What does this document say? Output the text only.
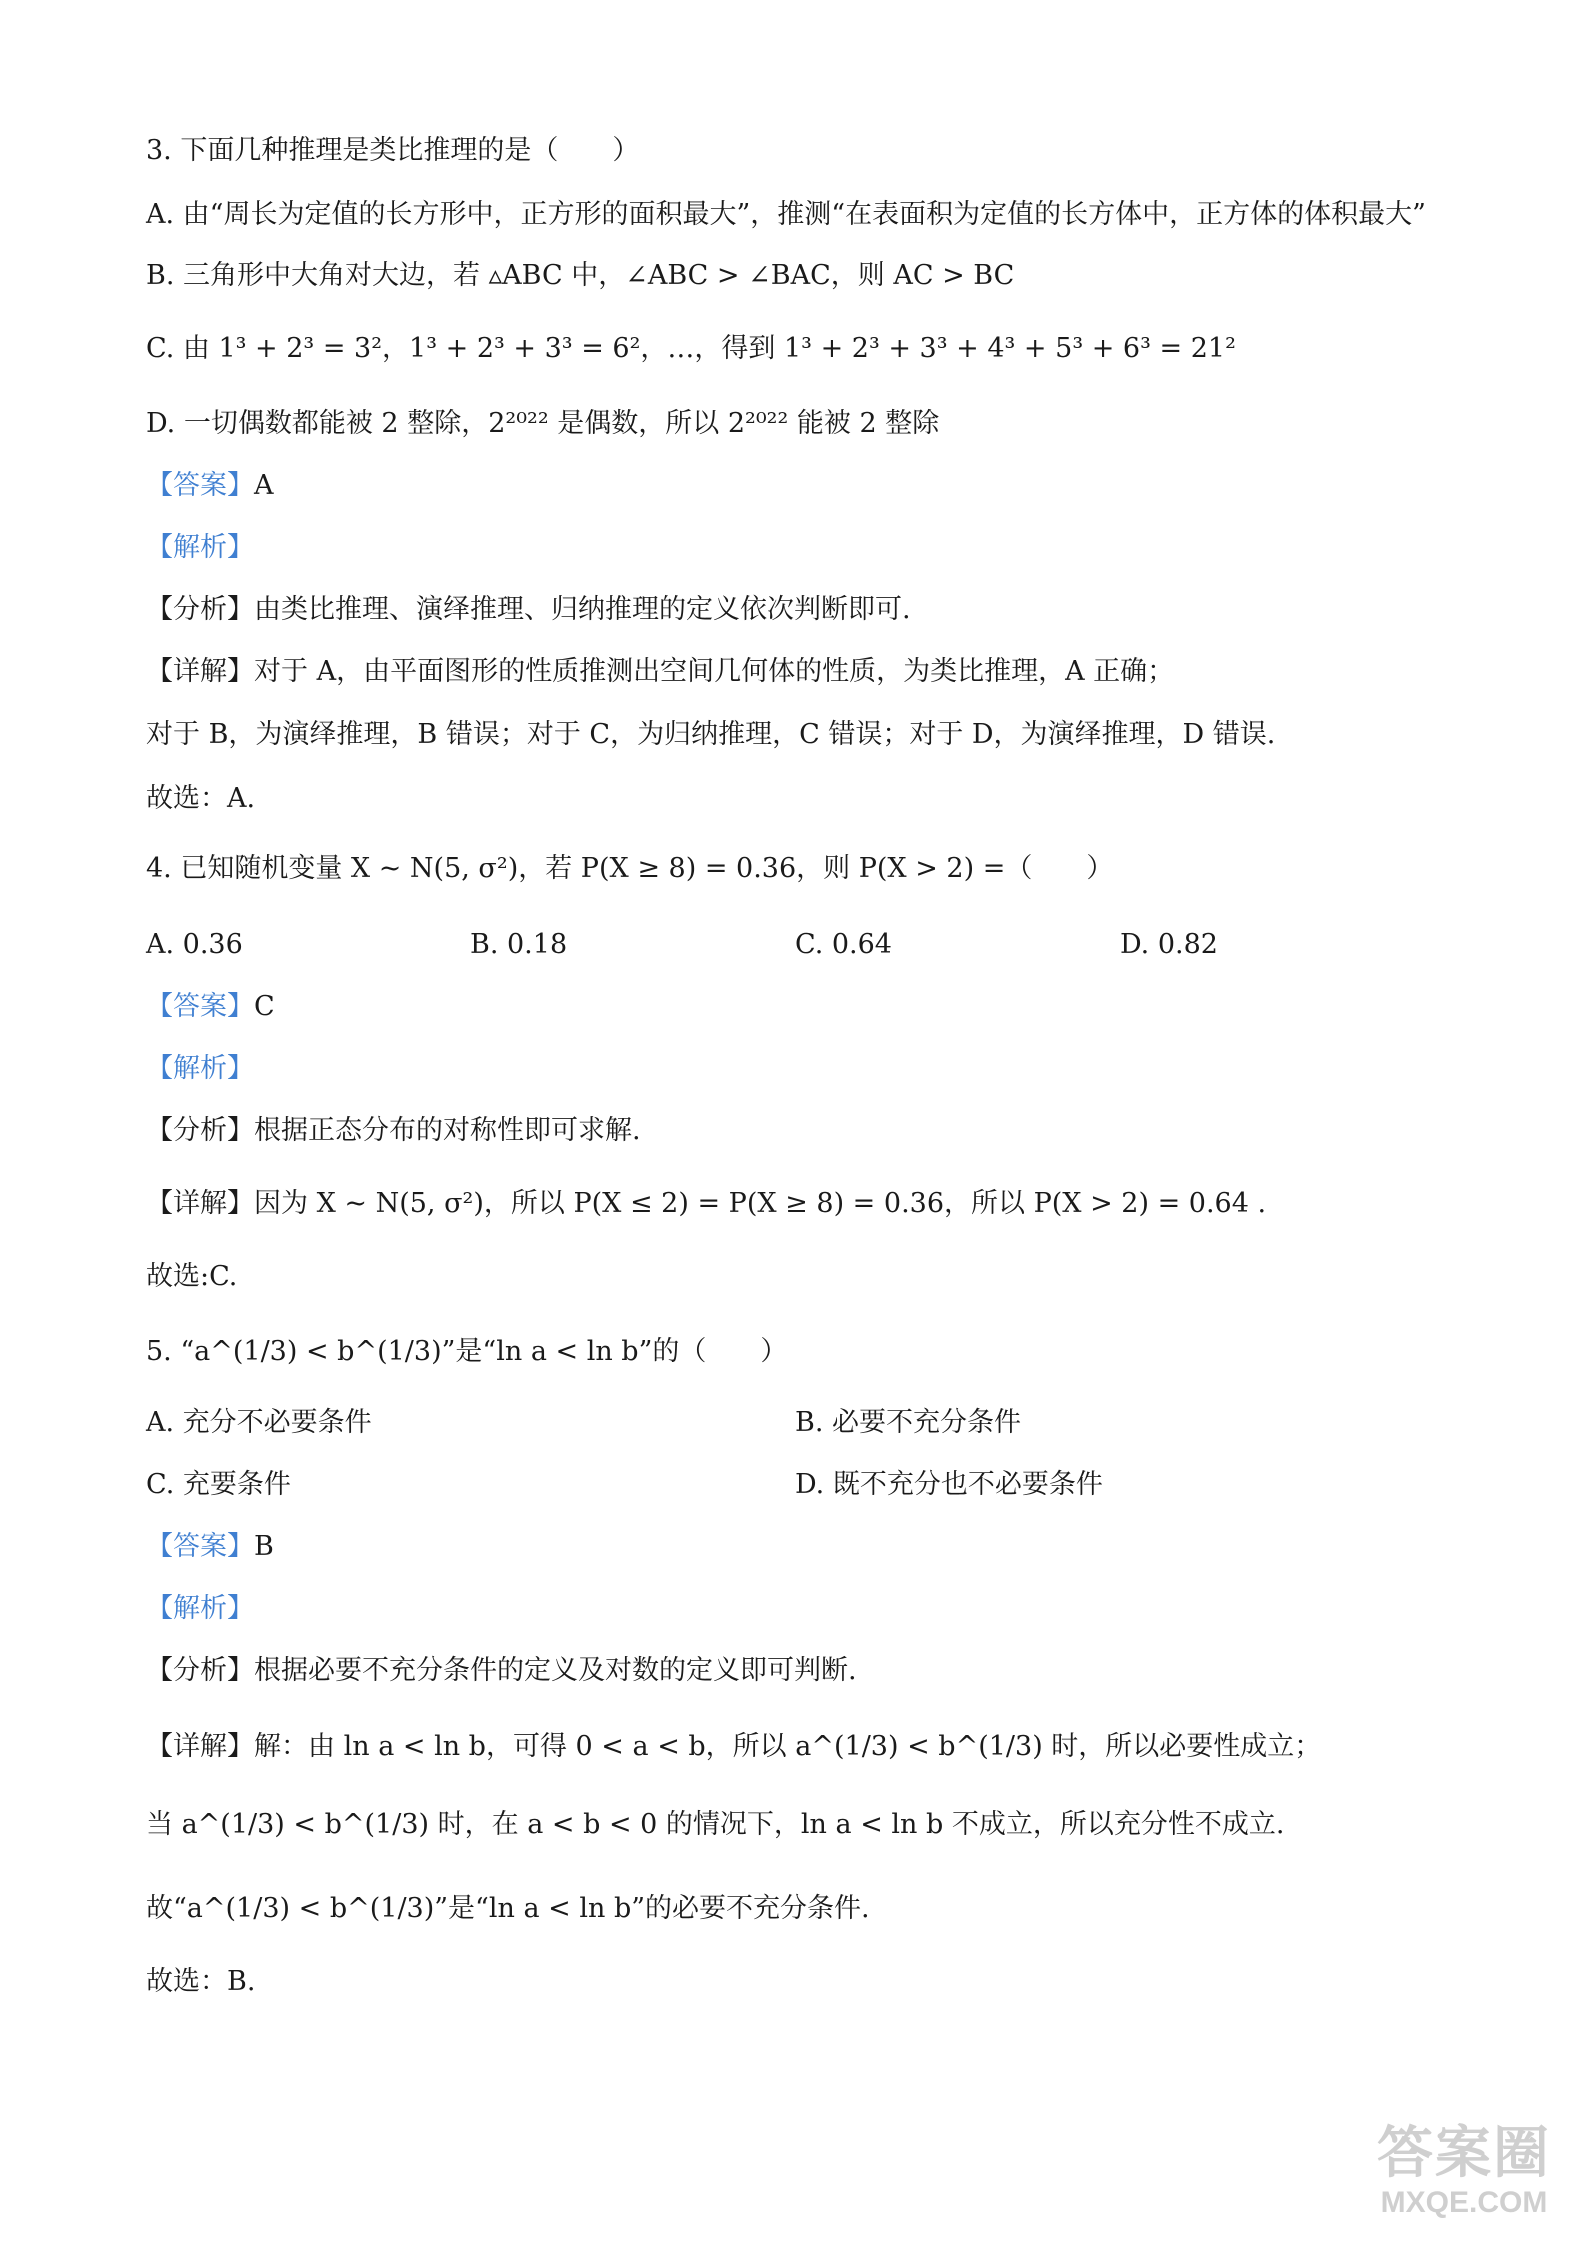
3. 下面几种推理是类比推理的是（　　）
A. 由“周长为定值的长方形中，正方形的面积最大”，推测“在表面积为定值的长方体中，正方体的体积最大”
B. 三角形中大角对大边，若 ▵ABC 中，∠ABC > ∠BAC，则 AC > BC
C. 由 1³ + 2³ = 3²，1³ + 2³ + 3³ = 6²，…，得到 1³ + 2³ + 3³ + 4³ + 5³ + 6³ = 21²
D. 一切偶数都能被 2 整除，2²⁰²² 是偶数，所以 2²⁰²² 能被 2 整除
【答案】A
【解析】
【分析】由类比推理、演绎推理、归纳推理的定义依次判断即可.
【详解】对于 A，由平面图形的性质推测出空间几何体的性质，为类比推理，A 正确；
对于 B，为演绎推理，B 错误；对于 C，为归纳推理，C 错误；对于 D，为演绎推理，D 错误.
故选：A.
4. 已知随机变量 X ~ N(5, σ²)，若 P(X ≥ 8) = 0.36，则 P(X > 2) =（　　）
A. 0.36	B. 0.18	C. 0.64	D. 0.82
【答案】C
【解析】
【分析】根据正态分布的对称性即可求解.
【详解】因为 X ~ N(5, σ²)，所以 P(X ≤ 2) = P(X ≥ 8) = 0.36，所以 P(X > 2) = 0.64 .
故选:C.
5. “a^(1/3) < b^(1/3)”是“ln a < ln b”的（　　）
A. 充分不必要条件	B. 必要不充分条件
C. 充要条件	D. 既不充分也不必要条件
【答案】B
【解析】
【分析】根据必要不充分条件的定义及对数的定义即可判断.
【详解】解：由 ln a < ln b，可得 0 < a < b，所以 a^(1/3) < b^(1/3) 时，所以必要性成立；
当 a^(1/3) < b^(1/3) 时，在 a < b < 0 的情况下，ln a < ln b 不成立，所以充分性不成立.
故“a^(1/3) < b^(1/3)”是“ln a < ln b”的必要不充分条件.
故选：B.
答案圈
MXQE.COM
